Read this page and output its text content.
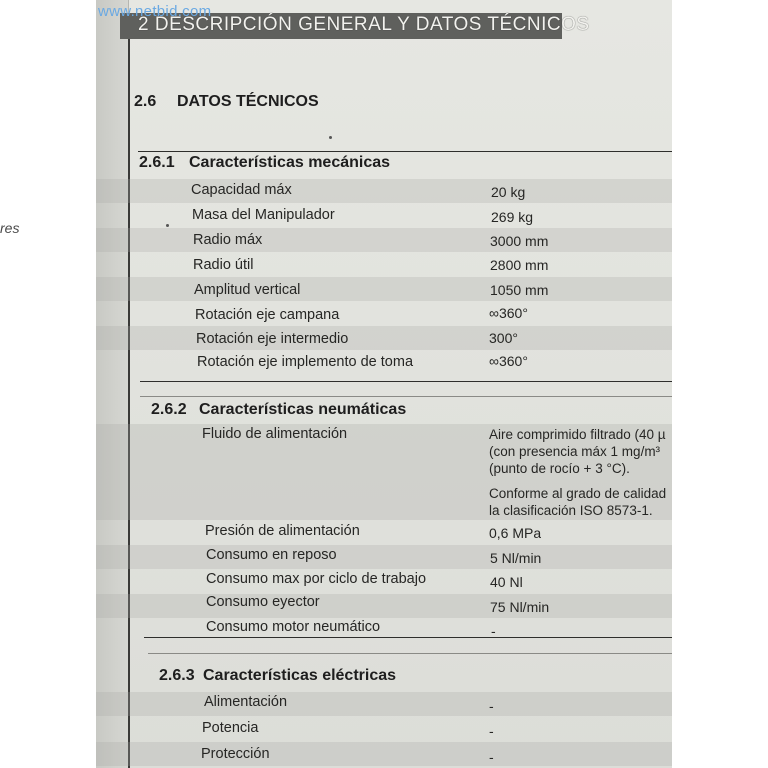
res
www.netbid.com
2 DESCRIPCIÓN GENERAL Y DATOS TÉCNICOS
2.6 DATOS TÉCNICOS
2.6.1 Características mecánicas
Capacidad máx	20 kg
Masa del Manipulador	269 kg
Radio máx	3000 mm
Radio útil	2800 mm
Amplitud vertical	1050 mm
Rotación eje campana	∞360°
Rotación eje intermedio	300°
Rotación eje implemento de toma	∞360°
2.6.2 Características neumáticas
Fluido de alimentación	Aire comprimido filtrado (40 µ
(con presencia máx 1 mg/m³
(punto de rocío + 3 °C).
Conforme al grado de calidad
la clasificación ISO 8573-1.
Presión de alimentación	0,6 MPa
Consumo en reposo	5 Nl/min
Consumo max por ciclo de trabajo	40 Nl
Consumo eyector	75 Nl/min
Consumo motor neumático	-
2.6.3 Características eléctricas
Alimentación	-
Potencia	-
Protección	-
